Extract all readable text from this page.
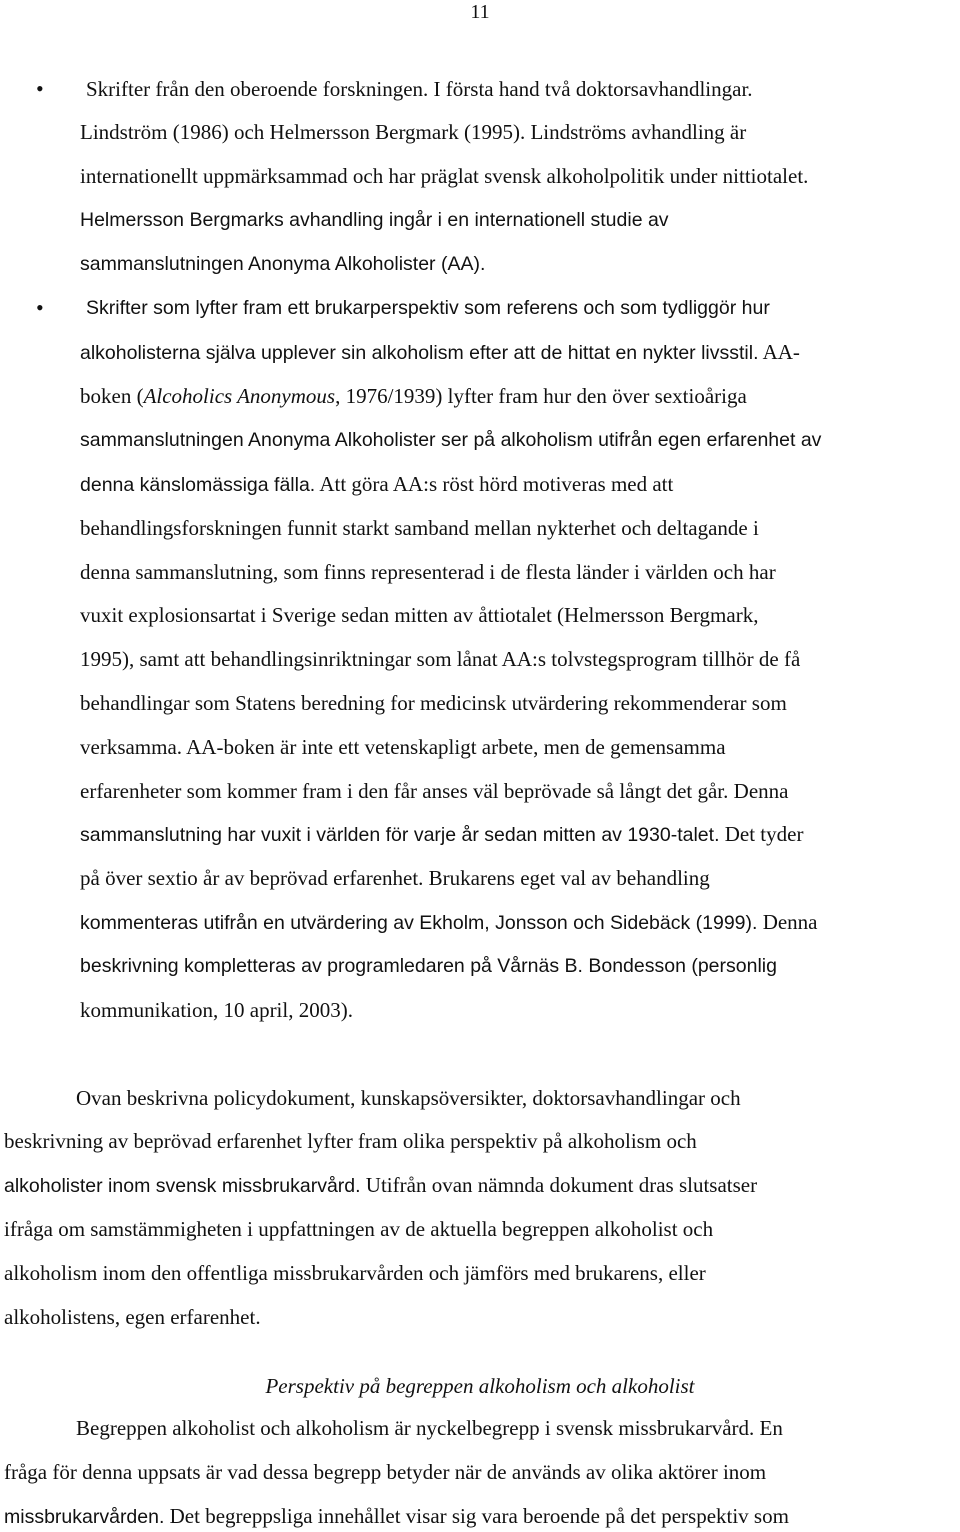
11
• Skrifter från den oberoende forskningen. I första hand två doktorsavhandlingar.
Lindström (1986) och Helmersson Bergmark (1995). Lindströms avhandling är
internationellt uppmärksammad och har präglat svensk alkoholpolitik under nittiotalet.
Helmersson Bergmarks avhandling ingår i en internationell studie av
sammanslutningen Anonyma Alkoholister (AA).
• Skrifter som lyfter fram ett brukarperspektiv som referens och som tydliggör hur
alkoholisterna själva upplever sin alkoholism efter att de hittat en nykter livsstil. AA-
boken (Alcoholics Anonymous, 1976/1939) lyfter fram hur den över sextioåriga
sammanslutningen Anonyma Alkoholister ser på alkoholism utifrån egen erfarenhet av
denna känslomässiga fälla. Att göra AA:s röst hörd motiveras med att
behandlingsforskningen funnit starkt samband mellan nykterhet och deltagande i
denna sammanslutning, som finns representerad i de flesta länder i världen och har
vuxit explosionsartat i Sverige sedan mitten av åttiotalet (Helmersson Bergmark,
1995), samt att behandlingsinriktningar som lånat AA:s tolvstegsprogram tillhör de få
behandlingar som Statens beredning for medicinsk utvärdering rekommenderar som
verksamma. AA-boken är inte ett vetenskapligt arbete, men de gemensamma
erfarenheter som kommer fram i den får anses väl beprövade så långt det går. Denna
sammanslutning har vuxit i världen för varje år sedan mitten av 1930-talet. Det tyder
på över sextio år av beprövad erfarenhet. Brukarens eget val av behandling
kommenteras utifrån en utvärdering av Ekholm, Jonsson och Sidebäck (1999). Denna
beskrivning kompletteras av programledaren på Vårnäs B. Bondesson (personlig
kommunikation, 10 april, 2003).
Ovan beskrivna policydokument, kunskapsöversikter, doktorsavhandlingar och
beskrivning av beprövad erfarenhet lyfter fram olika perspektiv på alkoholism och
alkoholister inom svensk missbrukarvård. Utifrån ovan nämnda dokument dras slutsatser
ifråga om samstämmigheten i uppfattningen av de aktuella begreppen alkoholist och
alkoholism inom den offentliga missbrukarvården och jämförs med brukarens, eller
alkoholistens, egen erfarenhet.
Perspektiv på begreppen alkoholism och alkoholist
Begreppen alkoholist och alkoholism är nyckelbegrepp i svensk missbrukarvård. En
fråga för denna uppsats är vad dessa begrepp betyder när de används av olika aktörer inom
missbrukarvården. Det begreppsliga innehållet visar sig vara beroende på det perspektiv som
